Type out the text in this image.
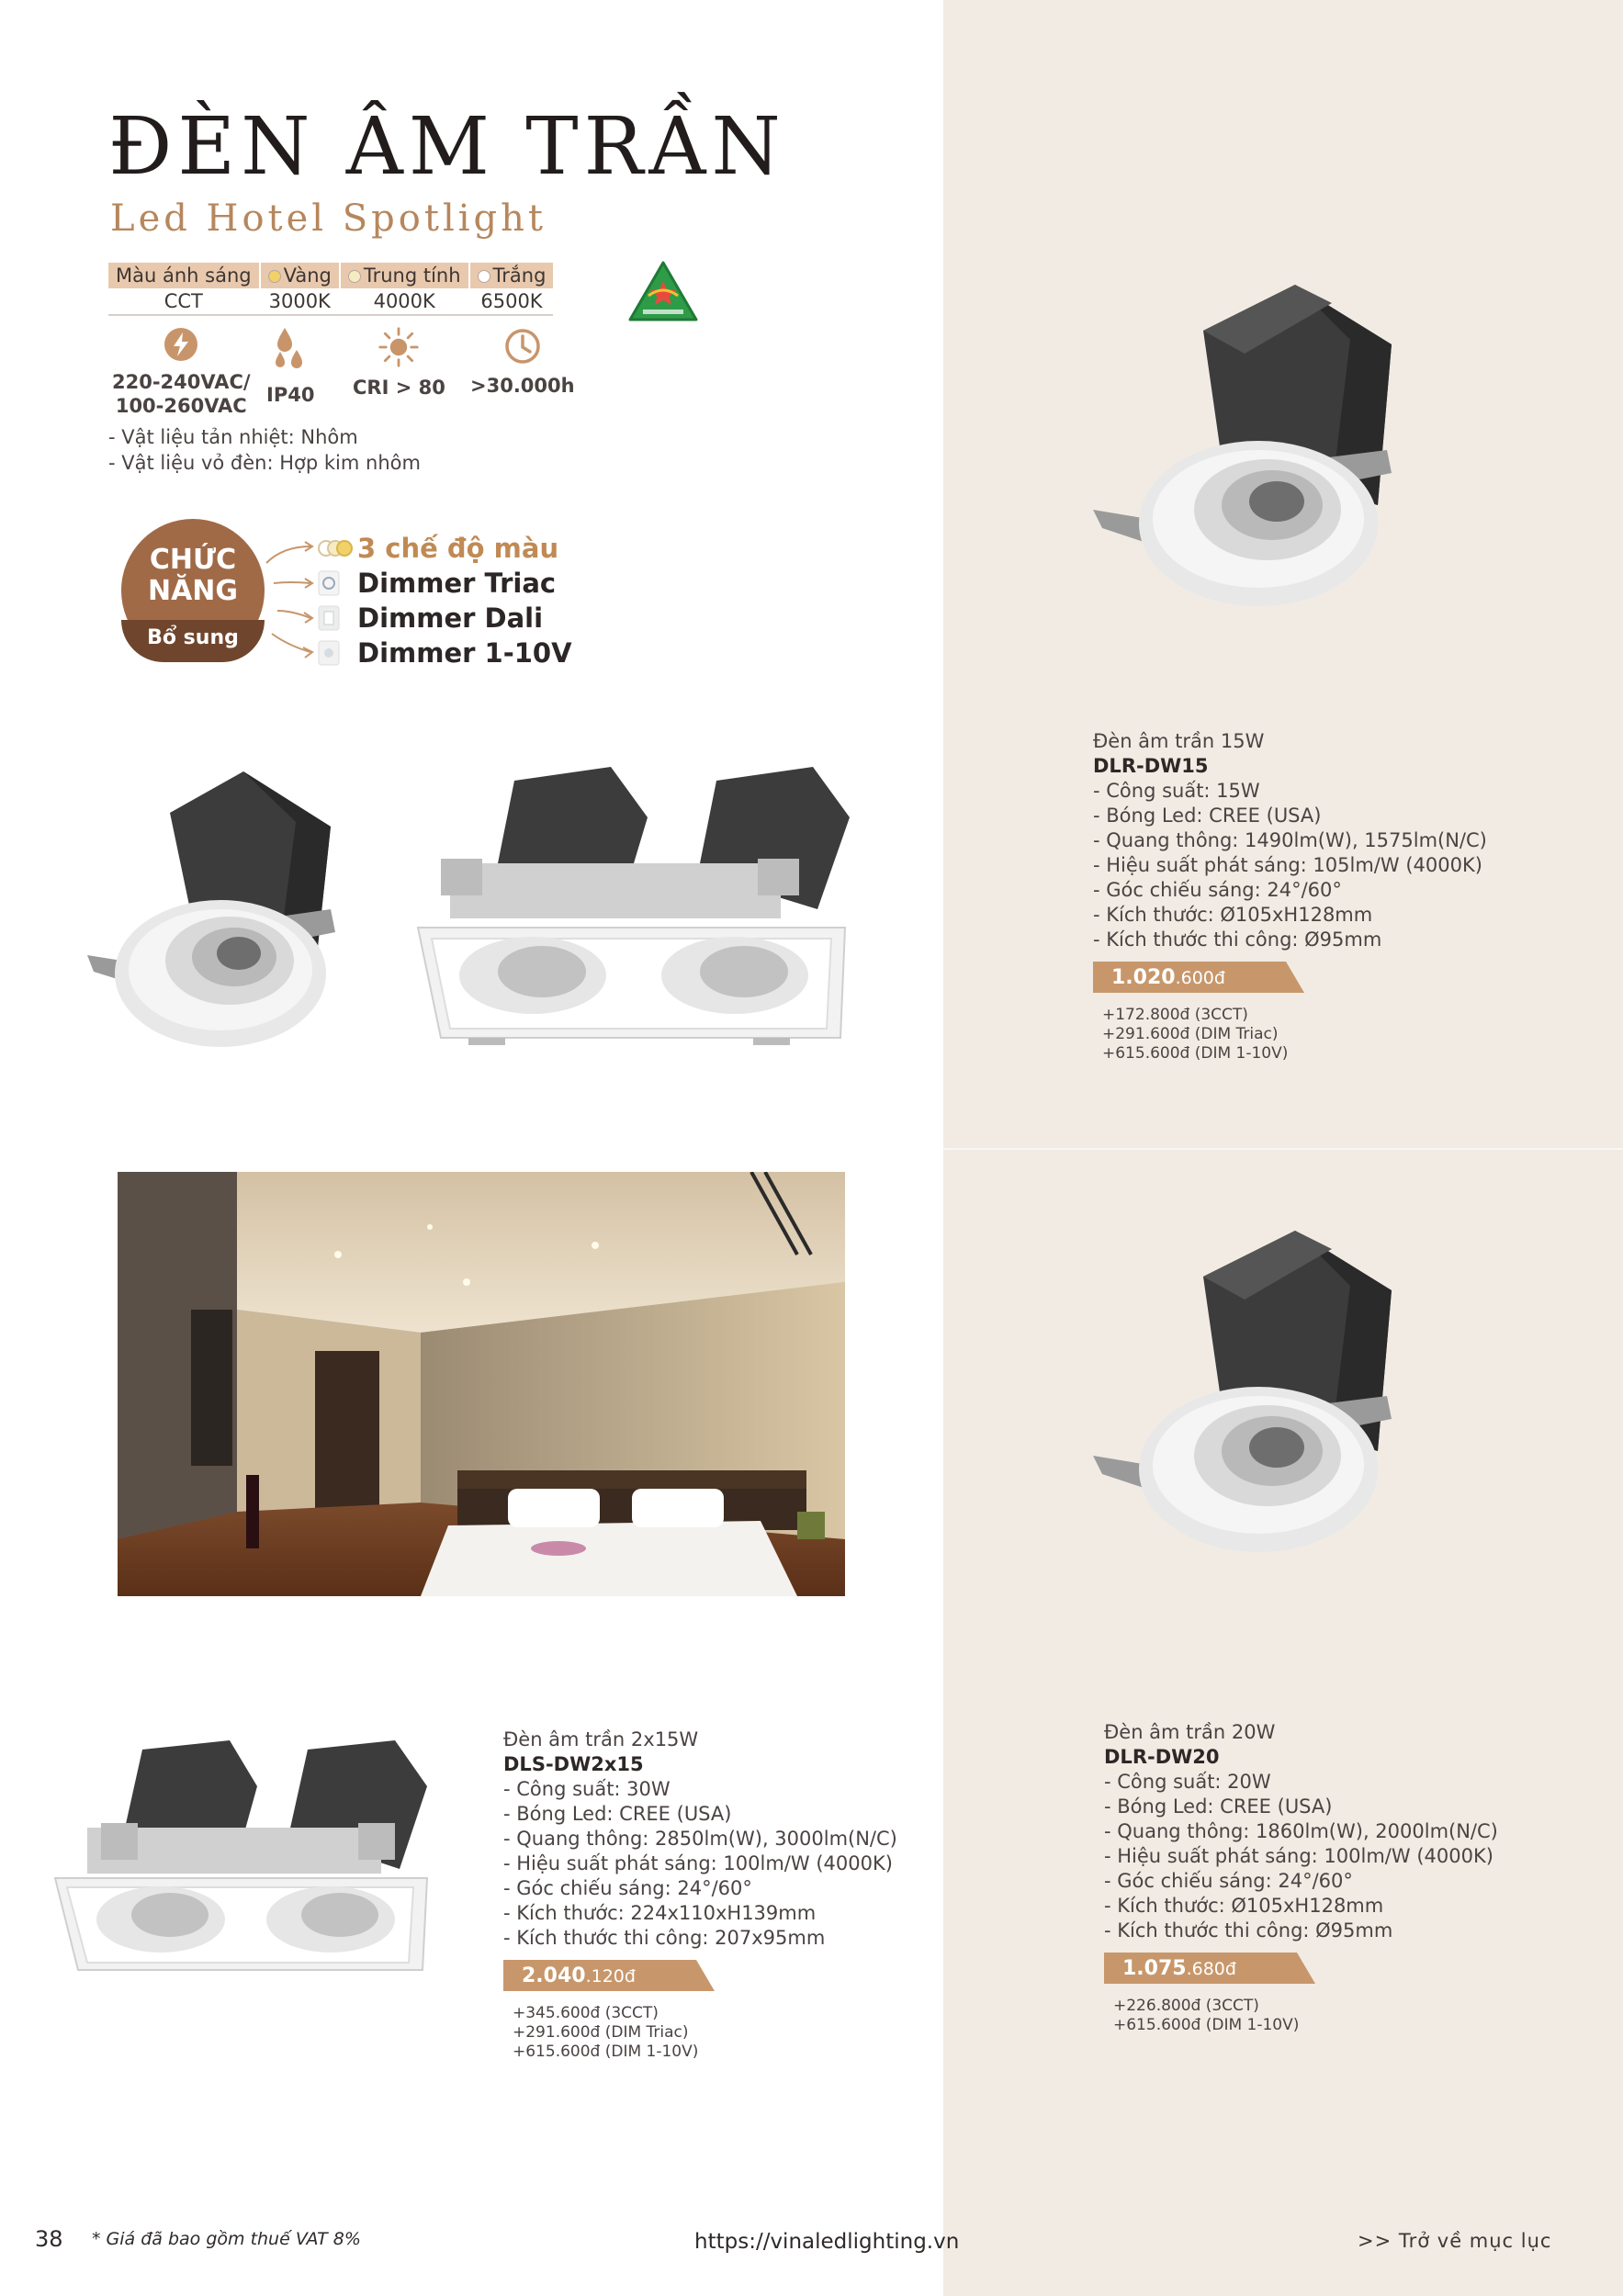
ĐÈN ÂM TRẦN
Led Hotel Spotlight
Màu ánh sáng	Vàng	Trung tính	Trắng
CCT	3000K	4000K	6500K
220-240VAC/
100-260VAC IP40 CRI > 80 >30.000h
- Vật liệu tản nhiệt: Nhôm
- Vật liệu vỏ đèn: Hợp kim nhôm
CHỨC
NĂNG
Bổ sung
3 chế độ màu
Dimmer Triac
Dimmer Dali
Dimmer 1-10V
Đèn âm trần 15W
DLR-DW15
- Công suất: 15W
- Bóng Led: CREE (USA)
- Quang thông: 1490lm(W), 1575lm(N/C)
- Hiệu suất phát sáng: 105lm/W (4000K)
- Góc chiếu sáng: 24°/60°
- Kích thước: Ø105xH128mm
- Kích thước thi công: Ø95mm
1.020.600đ
+172.800đ (3CCT)
+291.600đ (DIM Triac)
+615.600đ (DIM 1-10V)
Đèn âm trần 2x15W
DLS-DW2x15
- Công suất: 30W
- Bóng Led: CREE (USA)
- Quang thông: 2850lm(W), 3000lm(N/C)
- Hiệu suất phát sáng: 100lm/W (4000K)
- Góc chiếu sáng: 24°/60°
- Kích thước: 224x110xH139mm
- Kích thước thi công: 207x95mm
2.040.120đ
+345.600đ (3CCT)
+291.600đ (DIM Triac)
+615.600đ (DIM 1-10V)
Đèn âm trần 20W
DLR-DW20
- Công suất: 20W
- Bóng Led: CREE (USA)
- Quang thông: 1860lm(W), 2000lm(N/C)
- Hiệu suất phát sáng: 100lm/W (4000K)
- Góc chiếu sáng: 24°/60°
- Kích thước: Ø105xH128mm
- Kích thước thi công: Ø95mm
1.075.680đ
+226.800đ (3CCT)
+615.600đ (DIM 1-10V)
38 * Giá đã bao gồm thuế VAT 8%	https://vinaledlighting.vn	>> Trở về mục lục
